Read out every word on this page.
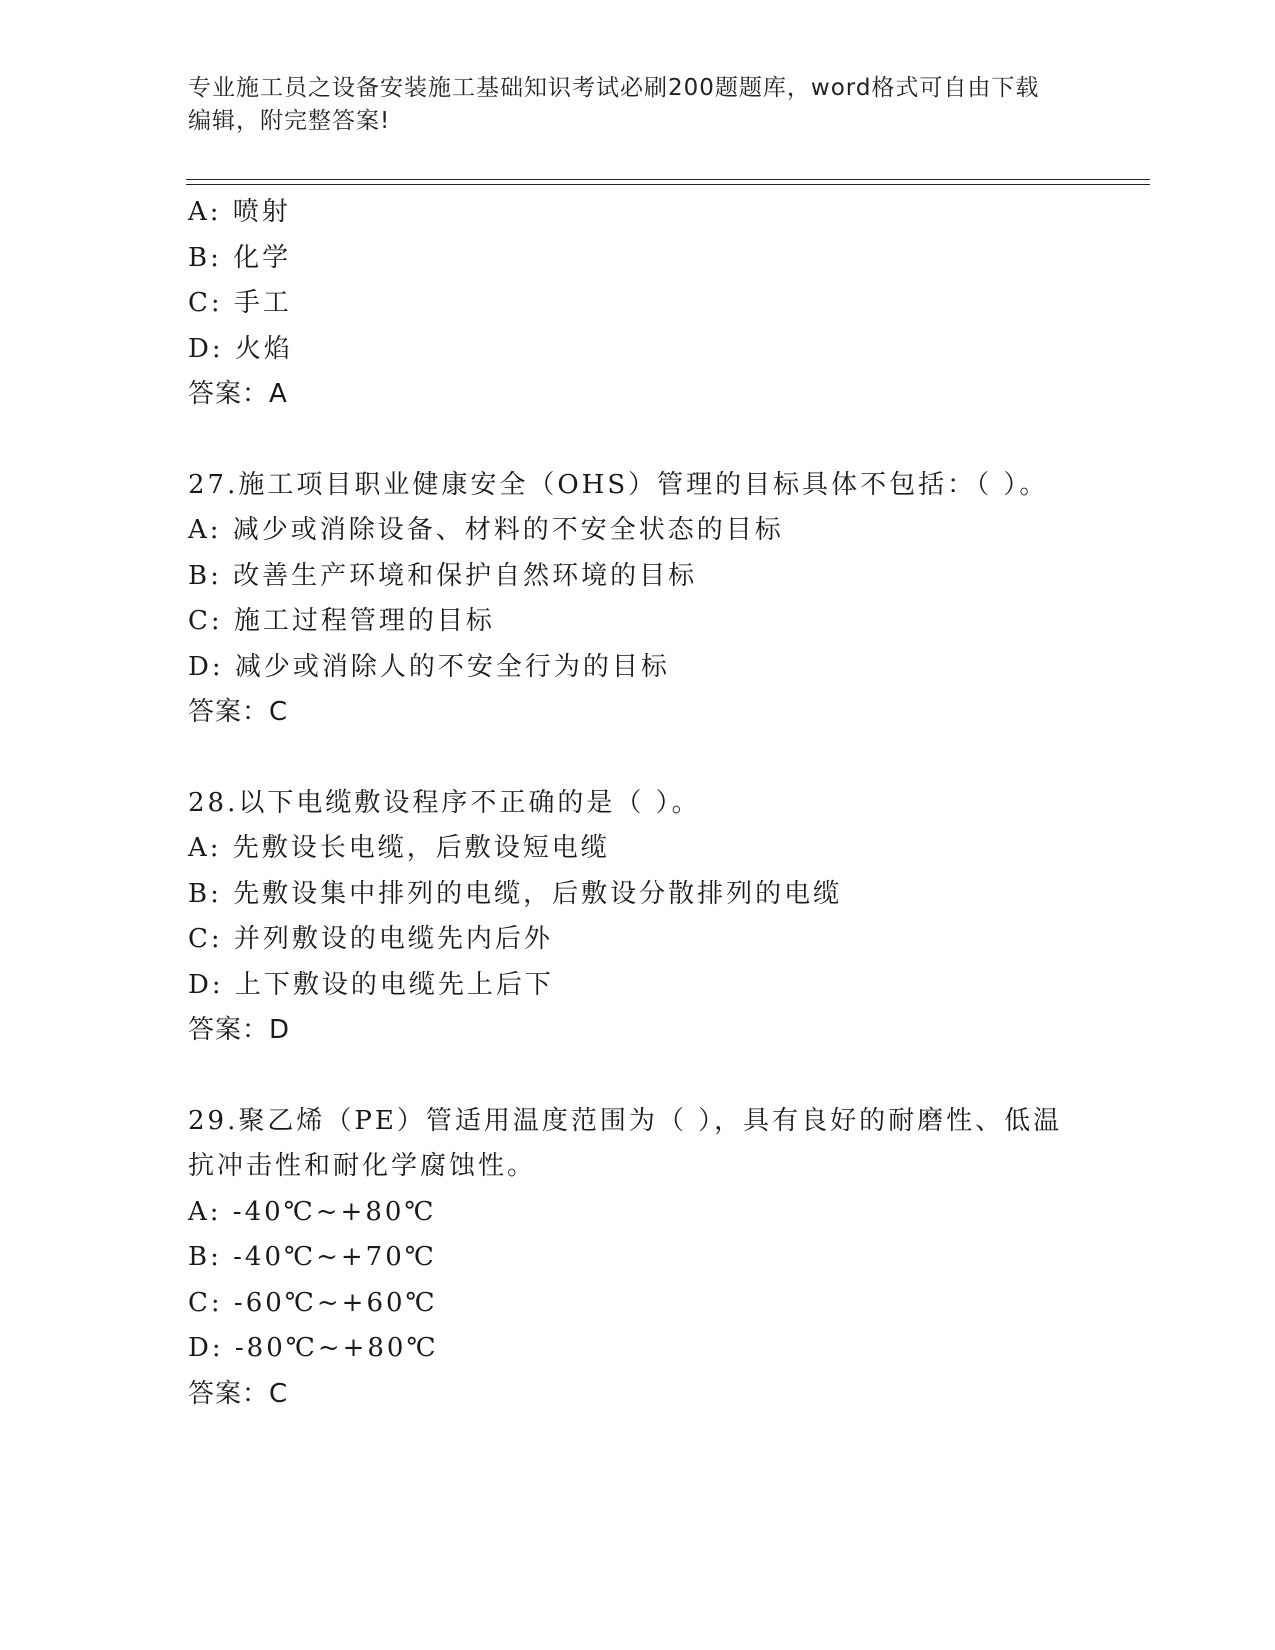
专业施工员之设备安装施工基础知识考试必刷200题题库，word格式可自由下载
编辑，附完整答案!
A: 喷射
B: 化学
C: 手工
D: 火焰
答案：A
27.施工项目职业健康安全（OHS）管理的目标具体不包括：（ ）。
A: 减少或消除设备、材料的不安全状态的目标
B: 改善生产环境和保护自然环境的目标
C: 施工过程管理的目标
D: 减少或消除人的不安全行为的目标
答案：C
28.以下电缆敷设程序不正确的是（ ）。
A: 先敷设长电缆，后敷设短电缆
B: 先敷设集中排列的电缆，后敷设分散排列的电缆
C: 并列敷设的电缆先内后外
D: 上下敷设的电缆先上后下
答案：D
29.聚乙烯（PE）管适用温度范围为（ ），具有良好的耐磨性、低温
抗冲击性和耐化学腐蚀性。
A: -40℃~+80℃
B: -40℃~+70℃
C: -60℃~+60℃
D: -80℃~+80℃
答案：C
